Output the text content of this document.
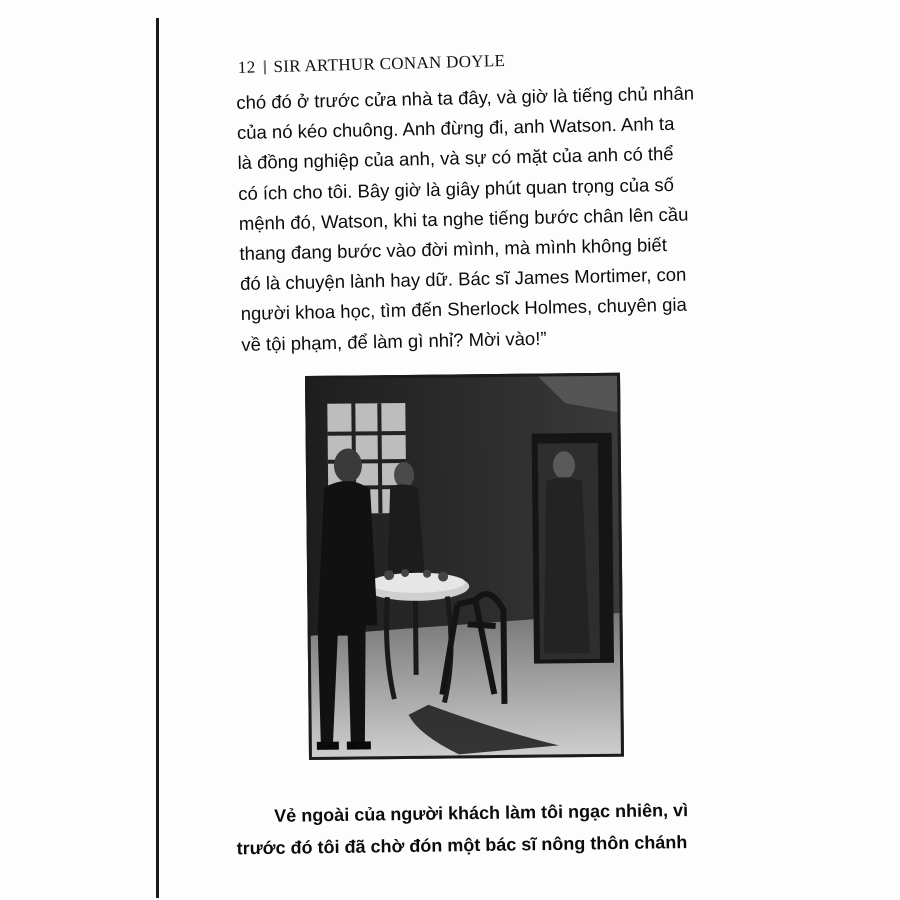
12 SIR ARTHUR CONAN DOYLE
chó đó ở trước cửa nhà ta đây, và giờ là tiếng chủ nhân
của nó kéo chuông. Anh đừng đi, anh Watson. Anh ta
là đồng nghiệp của anh, và sự có mặt của anh có thể
có ích cho tôi. Bây giờ là giây phút quan trọng của số
mệnh đó, Watson, khi ta nghe tiếng bước chân lên cầu
thang đang bước vào đời mình, mà mình không biết
đó là chuyện lành hay dữ. Bác sĩ James Mortimer, con
người khoa học, tìm đến Sherlock Holmes, chuyên gia
về tội phạm, để làm gì nhỉ? Mời vào!”
Vẻ ngoài của người khách làm tôi ngạc nhiên, vì
trước đó tôi đã chờ đón một bác sĩ nông thôn chánh
